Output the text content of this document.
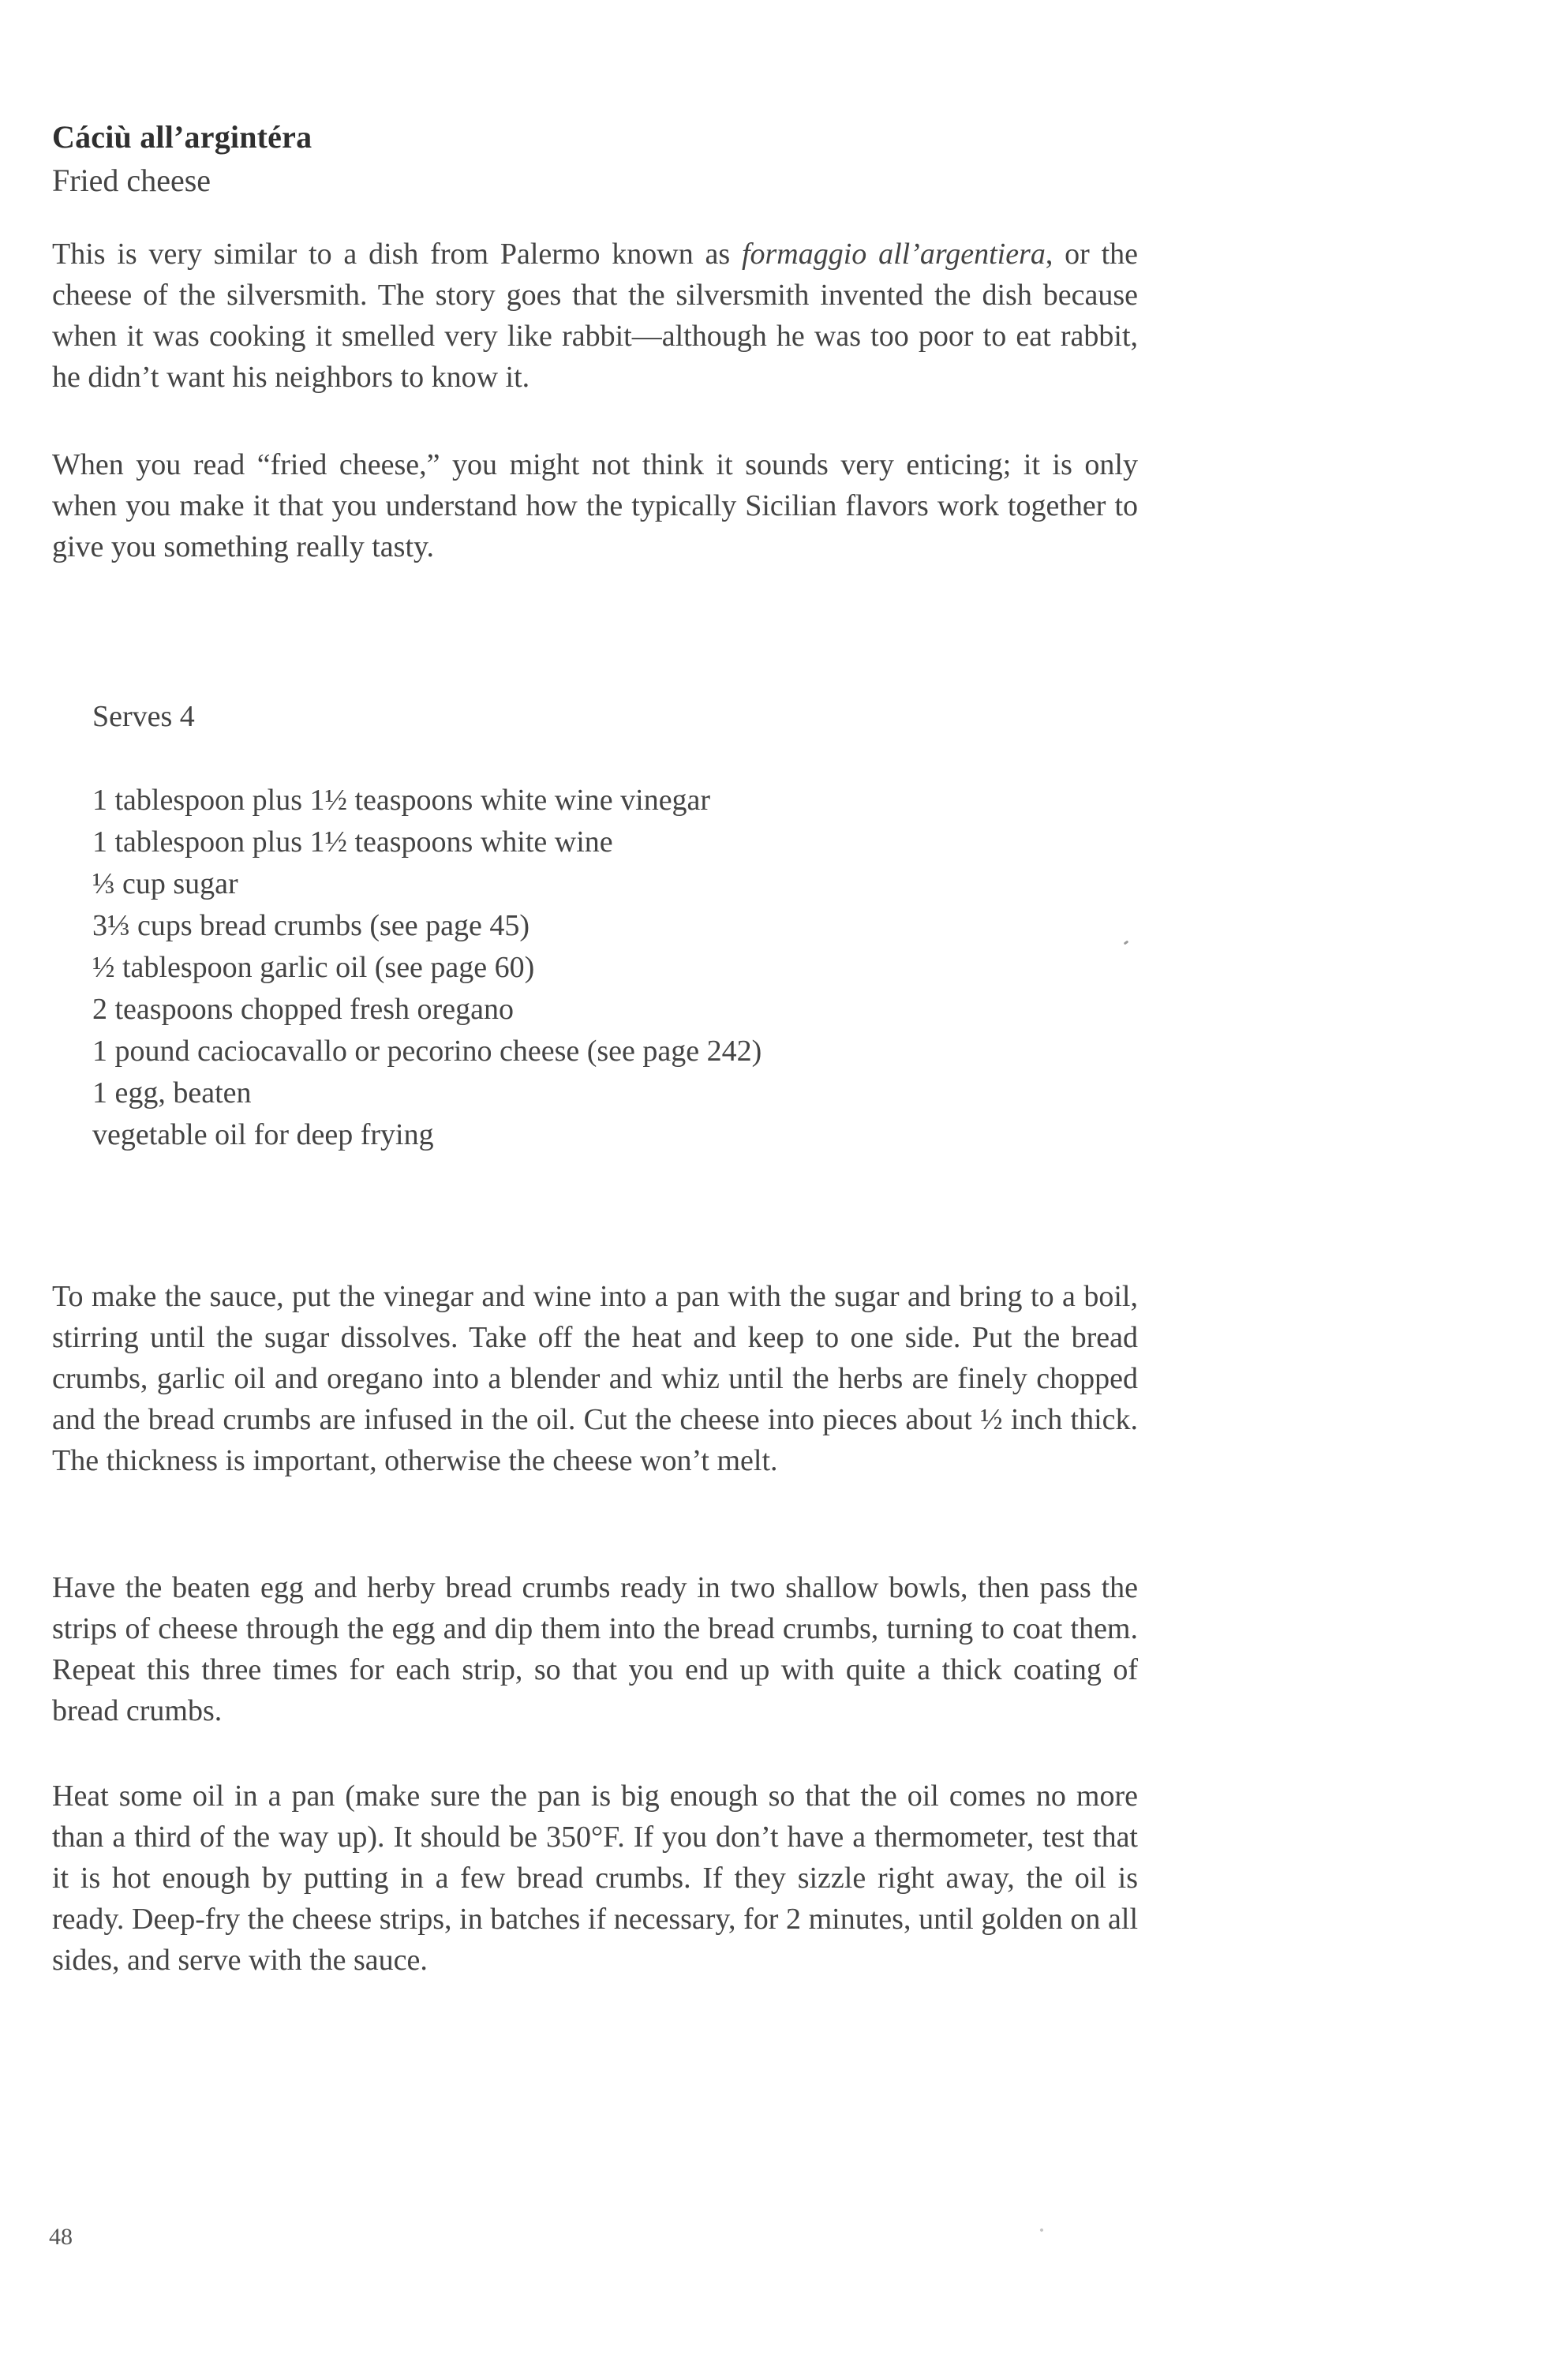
Cáciù all’argintéra
Fried cheese

This is very similar to a dish from Palermo known as formaggio all’argentiera, or the cheese of the silversmith. The story goes that the silversmith invented the dish because when it was cooking it smelled very like rabbit—although he was too poor to eat rabbit, he didn’t want his neighbors to know it.

When you read “fried cheese,” you might not think it sounds very enticing; it is only when you make it that you understand how the typically Sicilian flavors work together to give you something really tasty.

Serves 4
1 tablespoon plus 1½ teaspoons white wine vinegar
1 tablespoon plus 1½ teaspoons white wine
⅓ cup sugar
3⅓ cups bread crumbs (see page 45)
½ tablespoon garlic oil (see page 60)
2 teaspoons chopped fresh oregano
1 pound caciocavallo or pecorino cheese (see page 242)
1 egg, beaten
vegetable oil for deep frying

To make the sauce, put the vinegar and wine into a pan with the sugar and bring to a boil, stirring until the sugar dissolves. Take off the heat and keep to one side. Put the bread crumbs, garlic oil and oregano into a blender and whiz until the herbs are finely chopped and the bread crumbs are infused in the oil. Cut the cheese into pieces about ½ inch thick. The thickness is important, otherwise the cheese won’t melt.

Have the beaten egg and herby bread crumbs ready in two shallow bowls, then pass the strips of cheese through the egg and dip them into the bread crumbs, turning to coat them. Repeat this three times for each strip, so that you end up with quite a thick coating of bread crumbs.

Heat some oil in a pan (make sure the pan is big enough so that the oil comes no more than a third of the way up). It should be 350°F. If you don’t have a thermometer, test that it is hot enough by putting in a few bread crumbs. If they sizzle right away, the oil is ready. Deep-fry the cheese strips, in batches if necessary, for 2 minutes, until golden on all sides, and serve with the sauce.

48
